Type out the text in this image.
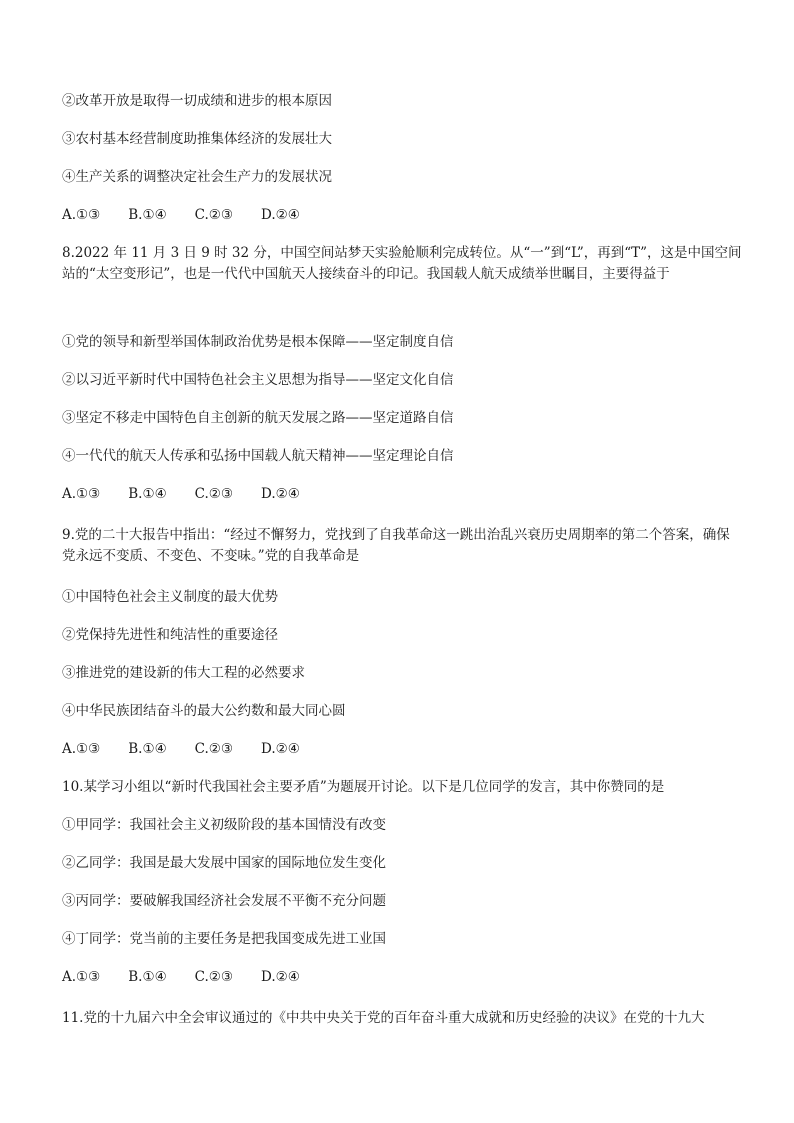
②改革开放是取得一切成绩和进步的根本原因
③农村基本经营制度助推集体经济的发展壮大
④生产关系的调整决定社会生产力的发展状况
A.①③ B.①④ C.②③ D.②④
8.2022 年 11 月 3 日 9 时 32 分，中国空间站梦天实验舱顺利完成转位。从“一”到“L”，再到“T”，这是中国空间站的“太空变形记”，也是一代代中国航天人接续奋斗的印记。我国载人航天成绩举世瞩目，主要得益于
①党的领导和新型举国体制政治优势是根本保障——坚定制度自信
②以习近平新时代中国特色社会主义思想为指导——坚定文化自信
③坚定不移走中国特色自主创新的航天发展之路——坚定道路自信
④一代代的航天人传承和弘扬中国载人航天精神——坚定理论自信
A.①③ B.①④ C.②③ D.②④
9.党的二十大报告中指出：“经过不懈努力，党找到了自我革命这一跳出治乱兴衰历史周期率的第二个答案，确保党永远不变质、不变色、不变味。”党的自我革命是
①中国特色社会主义制度的最大优势
②党保持先进性和纯洁性的重要途径
③推进党的建设新的伟大工程的必然要求
④中华民族团结奋斗的最大公约数和最大同心圆
A.①③ B.①④ C.②③ D.②④
10.某学习小组以“新时代我国社会主要矛盾”为题展开讨论。以下是几位同学的发言，其中你赞同的是
①甲同学：我国社会主义初级阶段的基本国情没有改变
②乙同学：我国是最大发展中国家的国际地位发生变化
③丙同学：要破解我国经济社会发展不平衡不充分问题
④丁同学：党当前的主要任务是把我国变成先进工业国
A.①③ B.①④ C.②③ D.②④
11.党的十九届六中全会审议通过的《中共中央关于党的百年奋斗重大成就和历史经验的决议》在党的十九大
